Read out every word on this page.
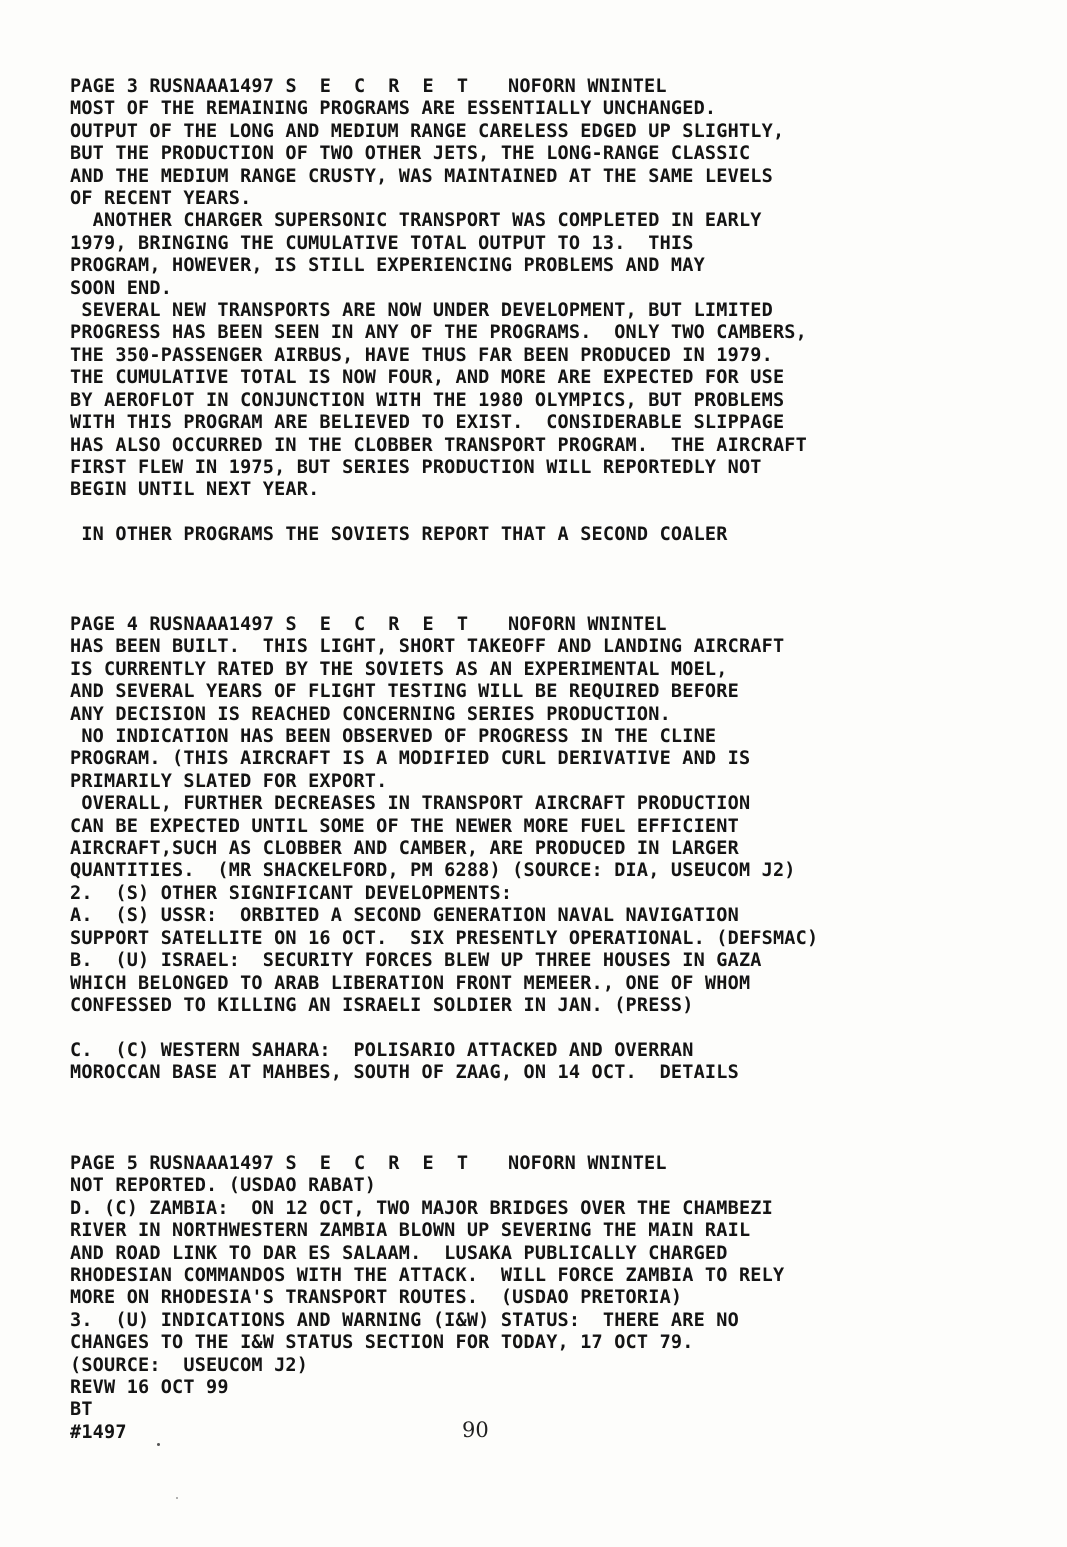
PAGE 3 RUSNAAA1497 S E C R E T NOFORN WNINTEL
MOST OF THE REMAINING PROGRAMS ARE ESSENTIALLY UNCHANGED.
OUTPUT OF THE LONG AND MEDIUM RANGE CARELESS EDGED UP SLIGHTLY,
BUT THE PRODUCTION OF TWO OTHER JETS, THE LONG-RANGE CLASSIC
AND THE MEDIUM RANGE CRUSTY, WAS MAINTAINED AT THE SAME LEVELS
OF RECENT YEARS.
ANOTHER CHARGER SUPERSONIC TRANSPORT WAS COMPLETED IN EARLY
1979, BRINGING THE CUMULATIVE TOTAL OUTPUT TO 13.  THIS
PROGRAM, HOWEVER, IS STILL EXPERIENCING PROBLEMS AND MAY
SOON END.
SEVERAL NEW TRANSPORTS ARE NOW UNDER DEVELOPMENT, BUT LIMITED
PROGRESS HAS BEEN SEEN IN ANY OF THE PROGRAMS.  ONLY TWO CAMBERS,
THE 350-PASSENGER AIRBUS, HAVE THUS FAR BEEN PRODUCED IN 1979.
THE CUMULATIVE TOTAL IS NOW FOUR, AND MORE ARE EXPECTED FOR USE
BY AEROFLOT IN CONJUNCTION WITH THE 1980 OLYMPICS, BUT PROBLEMS
WITH THIS PROGRAM ARE BELIEVED TO EXIST.  CONSIDERABLE SLIPPAGE
HAS ALSO OCCURRED IN THE CLOBBER TRANSPORT PROGRAM.  THE AIRCRAFT
FIRST FLEW IN 1975, BUT SERIES PRODUCTION WILL REPORTEDLY NOT
BEGIN UNTIL NEXT YEAR.

IN OTHER PROGRAMS THE SOVIETS REPORT THAT A SECOND COALER
PAGE 4 RUSNAAA1497 S E C R E T NOFORN WNINTEL
HAS BEEN BUILT.  THIS LIGHT, SHORT TAKEOFF AND LANDING AIRCRAFT
IS CURRENTLY RATED BY THE SOVIETS AS AN EXPERIMENTAL MOEL,
AND SEVERAL YEARS OF FLIGHT TESTING WILL BE REQUIRED BEFORE
ANY DECISION IS REACHED CONCERNING SERIES PRODUCTION.
NO INDICATION HAS BEEN OBSERVED OF PROGRESS IN THE CLINE
PROGRAM. (THIS AIRCRAFT IS A MODIFIED CURL DERIVATIVE AND IS
PRIMARILY SLATED FOR EXPORT.
OVERALL, FURTHER DECREASES IN TRANSPORT AIRCRAFT PRODUCTION
CAN BE EXPECTED UNTIL SOME OF THE NEWER MORE FUEL EFFICIENT
AIRCRAFT,SUCH AS CLOBBER AND CAMBER, ARE PRODUCED IN LARGER
QUANTITIES.  (MR SHACKELFORD, PM 6288) (SOURCE: DIA, USEUCOM J2)
2.  (S) OTHER SIGNIFICANT DEVELOPMENTS:
A.  (S) USSR:  ORBITED A SECOND GENERATION NAVAL NAVIGATION
SUPPORT SATELLITE ON 16 OCT.  SIX PRESENTLY OPERATIONAL. (DEFSMAC)
B.  (U) ISRAEL:  SECURITY FORCES BLEW UP THREE HOUSES IN GAZA
WHICH BELONGED TO ARAB LIBERATION FRONT MEMEER., ONE OF WHOM
CONFESSED TO KILLING AN ISRAELI SOLDIER IN JAN. (PRESS)

C.  (C) WESTERN SAHARA:  POLISARIO ATTACKED AND OVERRAN
MOROCCAN BASE AT MAHBES, SOUTH OF ZAAG, ON 14 OCT.  DETAILS
PAGE 5 RUSNAAA1497 S E C R E T NOFORN WNINTEL
NOT REPORTED. (USDAO RABAT)
D. (C) ZAMBIA:  ON 12 OCT, TWO MAJOR BRIDGES OVER THE CHAMBEZI
RIVER IN NORTHWESTERN ZAMBIA BLOWN UP SEVERING THE MAIN RAIL
AND ROAD LINK TO DAR ES SALAAM.  LUSAKA PUBLICALLY CHARGED
RHODESIAN COMMANDOS WITH THE ATTACK.  WILL FORCE ZAMBIA TO RELY
MORE ON RHODESIA'S TRANSPORT ROUTES.  (USDAO PRETORIA)
3.  (U) INDICATIONS AND WARNING (I&W) STATUS:  THERE ARE NO
CHANGES TO THE I&W STATUS SECTION FOR TODAY, 17 OCT 79.
(SOURCE:  USEUCOM J2)
REVW 16 OCT 99
BT
#1497	90
